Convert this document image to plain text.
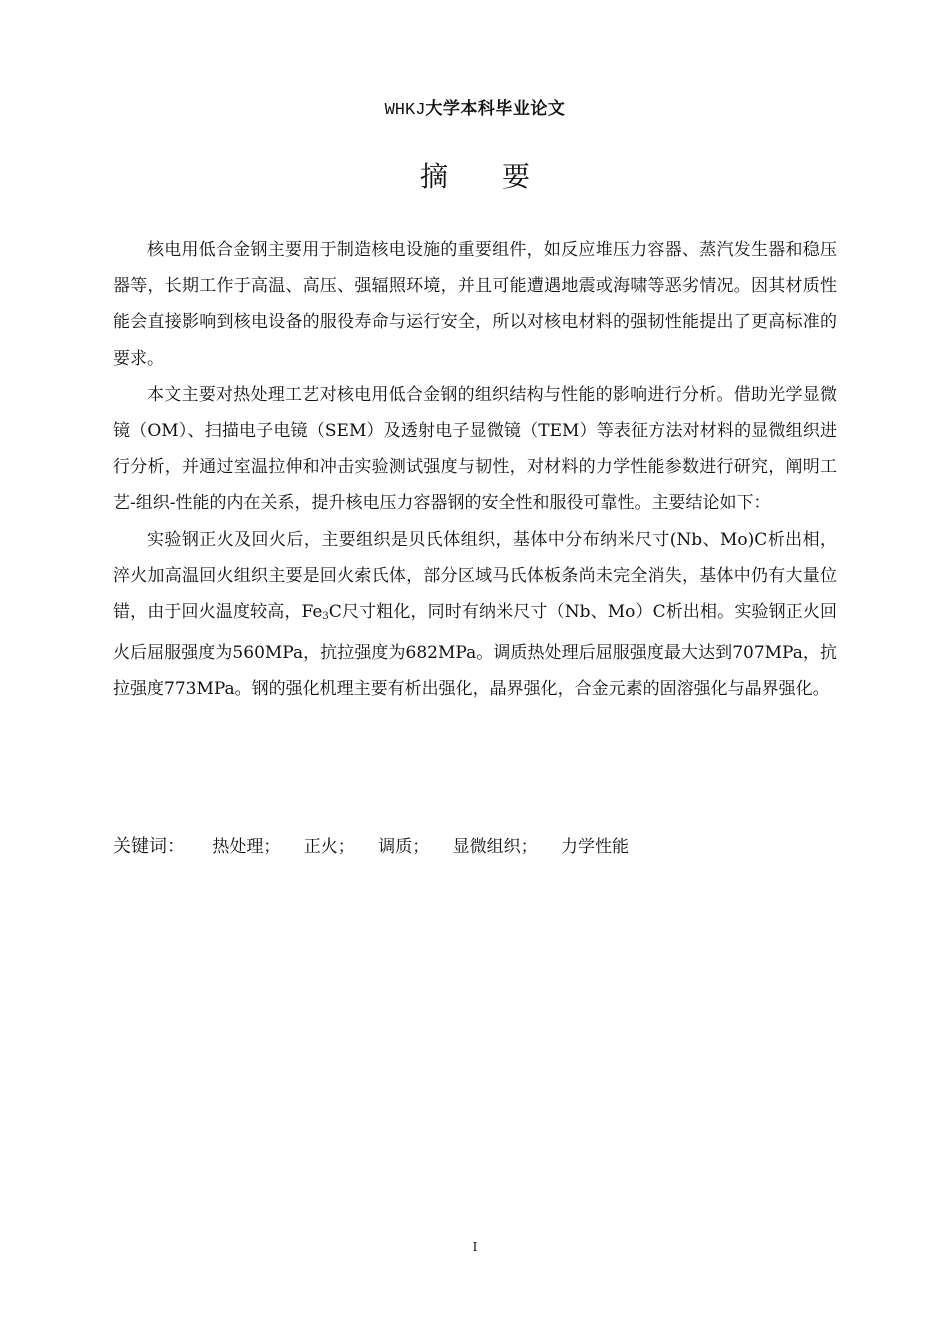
WHKJ大学本科毕业论文
摘 要

核电用低合金钢主要用于制造核电设施的重要组件，如反应堆压力容器、蒸汽发生器和稳压器等，长期工作于高温、高压、强辐照环境，并且可能遭遇地震或海啸等恶劣情况。因其材质性能会直接影响到核电设备的服役寿命与运行安全，所以对核电材料的强韧性能提出了更高标准的要求。

本文主要对热处理工艺对核电用低合金钢的组织结构与性能的影响进行分析。借助光学显微镜（OM）、扫描电子电镜（SEM）及透射电子显微镜（TEM）等表征方法对材料的显微组织进行分析，并通过室温拉伸和冲击实验测试强度与韧性，对材料的力学性能参数进行研究，阐明工艺-组织-性能的内在关系，提升核电压力容器钢的安全性和服役可靠性。主要结论如下：

实验钢正火及回火后，主要组织是贝氏体组织，基体中分布纳米尺寸(Nb、Mo)C析出相，淬火加高温回火组织主要是回火索氏体，部分区域马氏体板条尚未完全消失，基体中仍有大量位错，由于回火温度较高，$Fe_3C$尺寸粗化，同时有纳米尺寸（Nb、Mo）C析出相。实验钢正火回火后屈服强度为560MPa，抗拉强度为682MPa。调质热处理后屈服强度最大达到707MPa，抗拉强度773MPa。钢的强化机理主要有析出强化，晶界强化，合金元素的固溶强化与晶界强化。

关键词： 热处理； 正火； 调质； 显微组织； 力学性能
I
